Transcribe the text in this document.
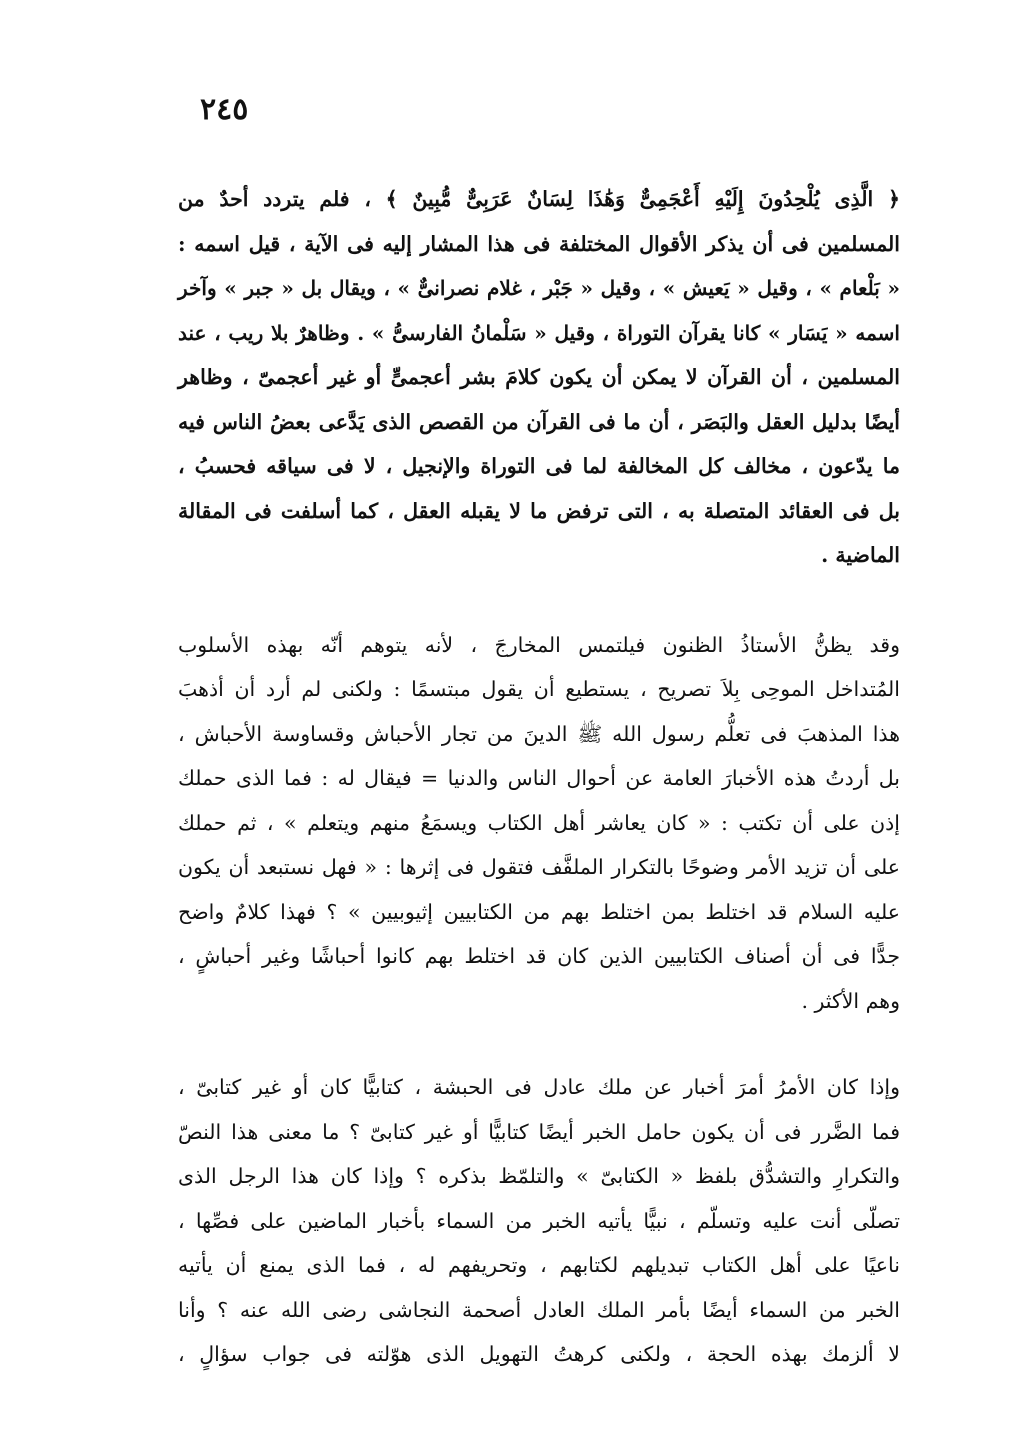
٢٤٥
﴿ الَّذِى يُلْحِدُونَ إِلَيْهِ أَعْجَمِىٌّ وَهَٰذَا لِسَانٌ عَرَبِىٌّ مُّبِينٌ ﴾ ، فلم يتردد أحدٌ من
المسلمين فى أن يذكر الأقوال المختلفة فى هذا المشار إليه فى الآية ، قيل اسمه :
« بَلْعام » ، وقيل « يَعيش » ، وقيل « جَبْر ، غلام نصرانىٌّ » ، ويقال بل « جبر » وآخر
اسمه « يَسَار » كانا يقرآن التوراة ، وقيل « سَلْمانُ الفارسىُّ » . وظاهرٌ بلا ريب ، عند
المسلمين ، أن القرآن لا يمكن أن يكون كلامَ بشر أعجمىٍّ أو غير أعجمىّ ، وظاهر
أيضًا بدليل العقل والبَصَر ، أن ما فى القرآن من القصص الذى يَدَّعى بعضُ الناس فيه
ما يدّعون ، مخالف كل المخالفة لما فى التوراة والإنجيل ، لا فى سياقه فحسبُ ،
بل فى العقائد المتصلة به ، التى ترفض ما لا يقبله العقل ، كما أسلفت فى المقالة
الماضية .
وقد يظنُّ الأستاذُ الظنون فيلتمس المخارجَ ، لأنه يتوهم أنّه بهذه الأسلوب
المُتداخل الموحِى بِلاَ تصريح ، يستطيع أن يقول مبتسمًا : ولكنى لم أرد أن أذهبَ
هذا المذهبَ فى تعلُّم رسول الله ﷺ الدينَ من تجار الأحباش وقساوسة الأحباش ،
بل أردتُ هذه الأخبارَ العامة عن أحوال الناس والدنيا = فيقال له : فما الذى حملك
إذن على أن تكتب : « كان يعاشر أهل الكتاب ويسمَعُ منهم ويتعلم » ، ثم حملك
على أن تزيد الأمر وضوحًا بالتكرار الملفَّف فتقول فى إثرها : « فهل نستبعد أن يكون
عليه السلام قد اختلط بمن اختلط بهم من الكتابيين إثيوبيين » ؟ فهذا كلامٌ واضح
جدًّا فى أن أصناف الكتابيين الذين كان قد اختلط بهم كانوا أحباشًا وغير أحباشٍ ،
وهم الأكثر .
وإذا كان الأمرُ أمرَ أخبار عن ملك عادل فى الحبشة ، كتابيًّا كان أو غير كتابىّ ،
فما الضَّرر فى أن يكون حامل الخبر أيضًا كتابيًّا أو غير كتابىّ ؟ ما معنى هذا النصّ
والتكرارِ والتشدُّق بلفظ « الكتابىّ » والتلمّظ بذكره ؟ وإذا كان هذا الرجل الذى
تصلّى أنت عليه وتسلّم ، نبيًّا يأتيه الخبر من السماء بأخبار الماضين على فصِّها ،
ناعيًا على أهل الكتاب تبديلهم لكتابهم ، وتحريفهم له ، فما الذى يمنع أن يأتيه
الخبر من السماء أيضًا بأمر الملك العادل أصحمة النجاشى رضى الله عنه ؟ وأنا
لا ألزمك بهذه الحجة ، ولكنى كرهتُ التهويل الذى هوّلته فى جواب سؤالٍ ،
